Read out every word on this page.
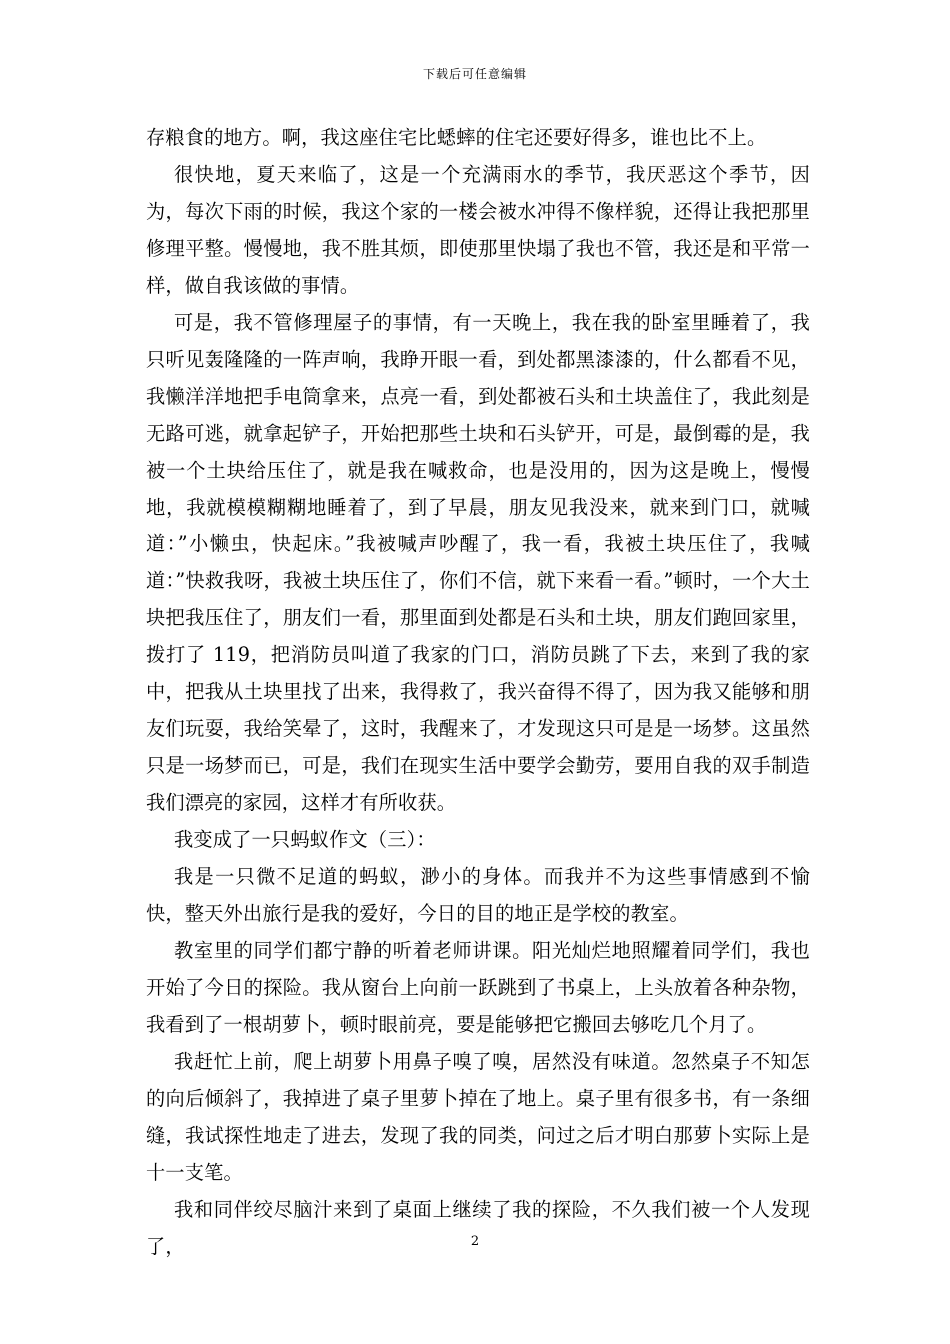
下载后可任意编辑

存粮食的地方。啊，我这座住宅比蟋蟀的住宅还要好得多，谁也比不上。

很快地，夏天来临了，这是一个充满雨水的季节，我厌恶这个季节，因为，每次下雨的时候，我这个家的一楼会被水冲得不像样貌，还得让我把那里修理平整。慢慢地，我不胜其烦，即使那里快塌了我也不管，我还是和平常一样，做自我该做的事情。

可是，我不管修理屋子的事情，有一天晚上，我在我的卧室里睡着了，我只听见轰隆隆的一阵声响，我睁开眼一看，到处都黑漆漆的，什么都看不见，我懒洋洋地把手电筒拿来，点亮一看，到处都被石头和土块盖住了，我此刻是无路可逃，就拿起铲子，开始把那些土块和石头铲开，可是，最倒霉的是，我被一个土块给压住了，就是我在喊救命，也是没用的，因为这是晚上，慢慢地，我就模模糊糊地睡着了，到了早晨，朋友见我没来，就来到门口，就喊道：”小懒虫，快起床。”我被喊声吵醒了，我一看，我被土块压住了，我喊道：”快救我呀，我被土块压住了，你们不信，就下来看一看。”顿时，一个大土块把我压住了，朋友们一看，那里面到处都是石头和土块，朋友们跑回家里，拨打了 119，把消防员叫道了我家的门口，消防员跳了下去，来到了我的家中，把我从土块里找了出来，我得救了，我兴奋得不得了，因为我又能够和朋友们玩耍，我给笑晕了，这时，我醒来了，才发现这只可是是一场梦。这虽然只是一场梦而已，可是，我们在现实生活中要学会勤劳，要用自我的双手制造我们漂亮的家园，这样才有所收获。

我变成了一只蚂蚁作文（三）：

我是一只微不足道的蚂蚁，渺小的身体。而我并不为这些事情感到不愉快，整天外出旅行是我的爱好，今日的目的地正是学校的教室。

教室里的同学们都宁静的听着老师讲课。阳光灿烂地照耀着同学们，我也开始了今日的探险。我从窗台上向前一跃跳到了书桌上，上头放着各种杂物，我看到了一根胡萝卜，顿时眼前亮，要是能够把它搬回去够吃几个月了。

我赶忙上前，爬上胡萝卜用鼻子嗅了嗅，居然没有味道。忽然桌子不知怎的向后倾斜了，我掉进了桌子里萝卜掉在了地上。桌子里有很多书，有一条细缝，我试探性地走了进去，发现了我的同类，问过之后才明白那萝卜实际上是十一支笔。

我和同伴绞尽脑汁来到了桌面上继续了我的探险，不久我们被一个人发现了，	2
